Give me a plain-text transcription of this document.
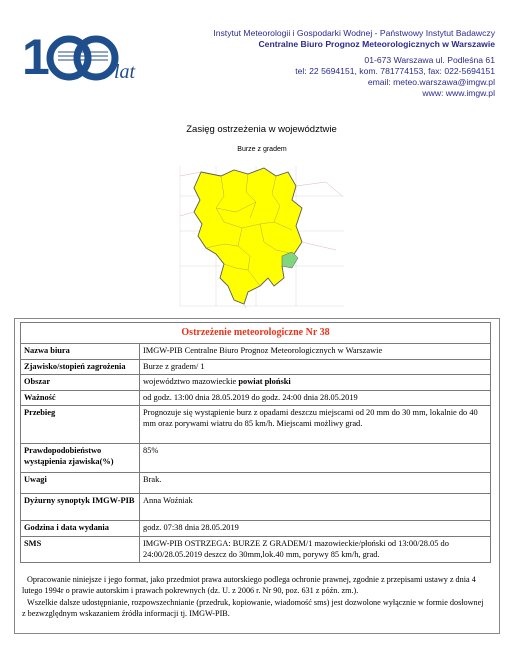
1	lat
Instytut Meteorologii i Gospodarki Wodnej - Państwowy Instytut Badawczy
Centralne Biuro Prognoz Meteorologicznych w Warszawie
01-673 Warszawa ul. Podleśna 61
tel: 22 5694151, kom. 781774153, fax: 022-5694151
email: meteo.warszawa@imgw.pl
www: www.imgw.pl
Zasięg ostrzeżenia w województwie
Burze z gradem
Ostrzeżenie meteorologiczne Nr 38	
Nazwa biura	IMGW-PIB Centralne Biuro Prognoz Meteorologicznych w Warszawie
Zjawisko/stopień zagrożenia	Burze z gradem/ 1
Obszar	województwo mazowieckie powiat płoński
Ważność	od godz. 13:00 dnia 28.05.2019 do godz. 24:00 dnia 28.05.2019
Przebieg	Prognozuje się wystąpienie burz z opadami deszczu miejscami od 20 mm do 30 mm, lokalnie do 40 mm oraz porywami wiatru do 85 km/h. Miejscami możliwy grad.
Prawdopodobieństwo wystąpienia zjawiska(%)	85%
Uwagi	Brak.
Dyżurny synoptyk IMGW-PIB	Anna Woźniak
Godzina i data wydania	godz. 07:38 dnia 28.05.2019
SMS	IMGW-PIB OSTRZEGA: BURZE Z GRADEM/1 mazowieckie/płoński od 13:00/28.05 do 24:00/28.05.2019 deszcz do 30mm,lok.40 mm, porywy 85 km/h, grad.

Opracowanie niniejsze i jego format, jako przedmiot prawa autorskiego podlega ochronie prawnej, zgodnie z przepisami ustawy z dnia 4 lutego 1994r o prawie autorskim i prawach pokrewnych (dz. U. z 2006 r. Nr 90, poz. 631 z późn. zm.).

Wszelkie dalsze udostępnianie, rozpowszechnianie (przedruk, kopiowanie, wiadomość sms) jest dozwolone wyłącznie w formie dosłownej z bezwzględnym wskazaniem źródła informacji tj. IMGW-PIB.
